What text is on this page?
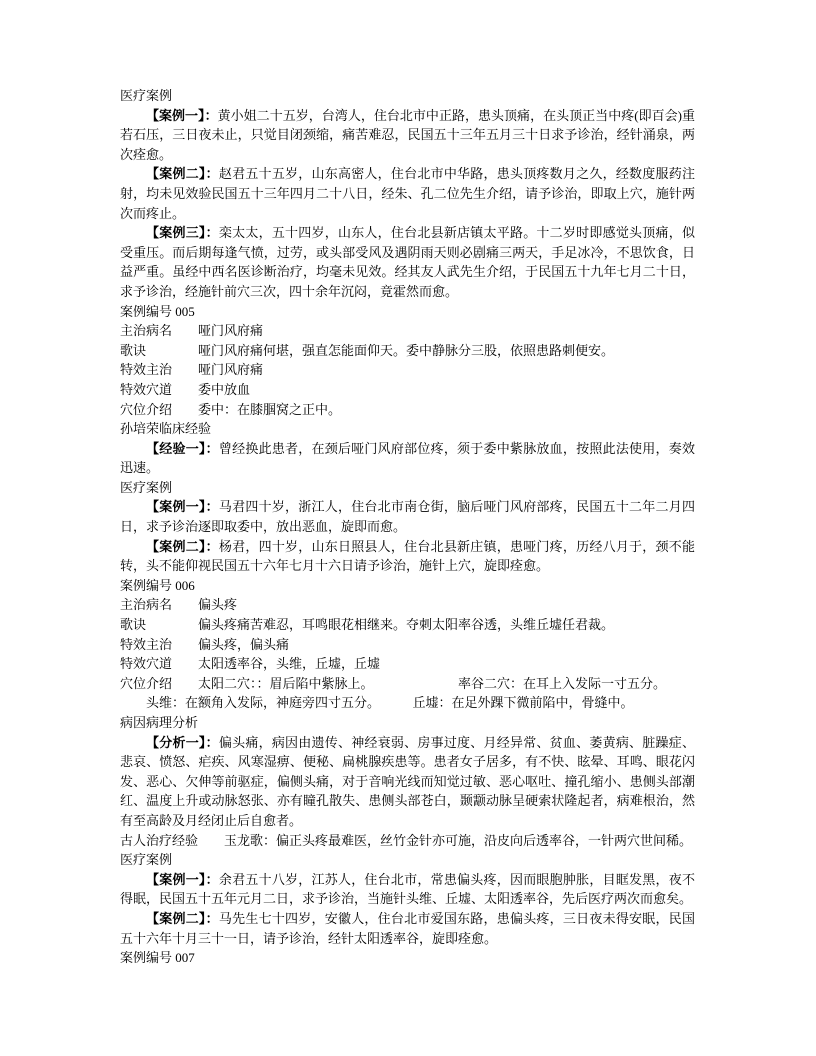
医疗案例

【案例一】：黄小姐二十五岁，台湾人，住台北市中正路，患头顶痛，在头顶正当中疼(即百会)重若石压，三日夜未止，只觉目闭颈缩，痛苦难忍，民国五十三年五月三十日求予诊治，经针涌泉，两次痊愈。

【案例二】：赵君五十五岁，山东高密人，住台北市中华路，患头顶疼数月之久，经数度服药注射，均未见效验民国五十三年四月二十八日，经朱、孔二位先生介绍，请予诊治，即取上穴，施针两次而疼止。

【案例三】：栾太太，五十四岁，山东人，住台北县新店镇太平路。十二岁时即感觉头顶痛，似受重压。而后期每逢气愤，过劳，或头部受风及遇阴雨天则必剧痛三两天，手足冰冷，不思饮食，日益严重。虽经中西名医诊断治疗，均毫未见效。经其友人武先生介绍，于民国五十九年七月二十日，求予诊治，经施针前穴三次，四十余年沉闷，竟霍然而愈。

案例编号 005

主治病名　　哑门风府痛

歌诀　　　　哑门风府痛何堪，强直怎能面仰天。委中静脉分三股，依照患路刺便安。

特效主治　　哑门风府痛

特效穴道　　委中放血

穴位介绍　　委中：在膝腘窝之正中。

孙培荣临床经验

【经验一】：曾经换此患者，在颈后哑门风府部位疼，须于委中紫脉放血，按照此法使用，奏效迅速。

医疗案例

【案例一】：马君四十岁，浙江人，住台北市南仓街，脑后哑门风府部疼，民国五十二年二月四日，求予诊治逐即取委中，放出恶血，旋即而愈。

【案例二】：杨君，四十岁，山东日照县人，住台北县新庄镇，患哑门疼，历经八月于，颈不能转，头不能仰视民国五十六年七月十六日请予诊治，施针上穴，旋即痊愈。

案例编号 006

主治病名　　偏头疼

歌诀　　　　偏头疼痛苦难忍，耳鸣眼花相继来。夺刺太阳率谷透，头维丘墟任君裁。

特效主治　　偏头疼，偏头痛

特效穴道　　太阳透率谷，头维，丘墟，丘墟

穴位介绍　　太阳二穴：：眉后陷中紫脉上。　　　　　　　率谷二穴：在耳上入发际一寸五分。

　　头维：在额角入发际，神庭旁四寸五分。　　　丘墟：在足外踝下微前陷中，骨缝中。

病因病理分析

【分析一】：偏头痛，病因由遗传、神经衰弱、房事过度、月经异常、贫血、萎黄病、脏躁症、悲哀、愤怒、疟疾、风寒湿痹、便秘、扁桃腺疾患等。患者女子居多，有不快、眩晕、耳鸣、眼花闪发、恶心、欠伸等前驱症，偏侧头痛，对于音响光线而知觉过敏、恶心呕吐、撞孔缩小、患侧头部潮红、温度上升或动脉怒张、亦有瞳孔散失、患侧头部苍白，颞颥动脉呈硬索状隆起者，病难根治，然有至高龄及月经闭止后自愈者。

古人治疗经验　　玉龙歌：偏正头疼最难医，丝竹金针亦可施，沿皮向后透率谷，一针两穴世间稀。

医疗案例

【案例一】：余君五十八岁，江苏人，住台北市，常患偏头疼，因而眼胞肿胀，目眶发黑，夜不得眠，民国五十五年元月二日，求予诊治，当施针头维、丘墟、太阳透率谷，先后医疗两次而愈矣。

【案例二】：马先生七十四岁，安徽人，住台北市爱国东路，患偏头疼，三日夜未得安眠，民国五十六年十月三十一日，请予诊治，经针太阳透率谷，旋即痊愈。

案例编号 007
